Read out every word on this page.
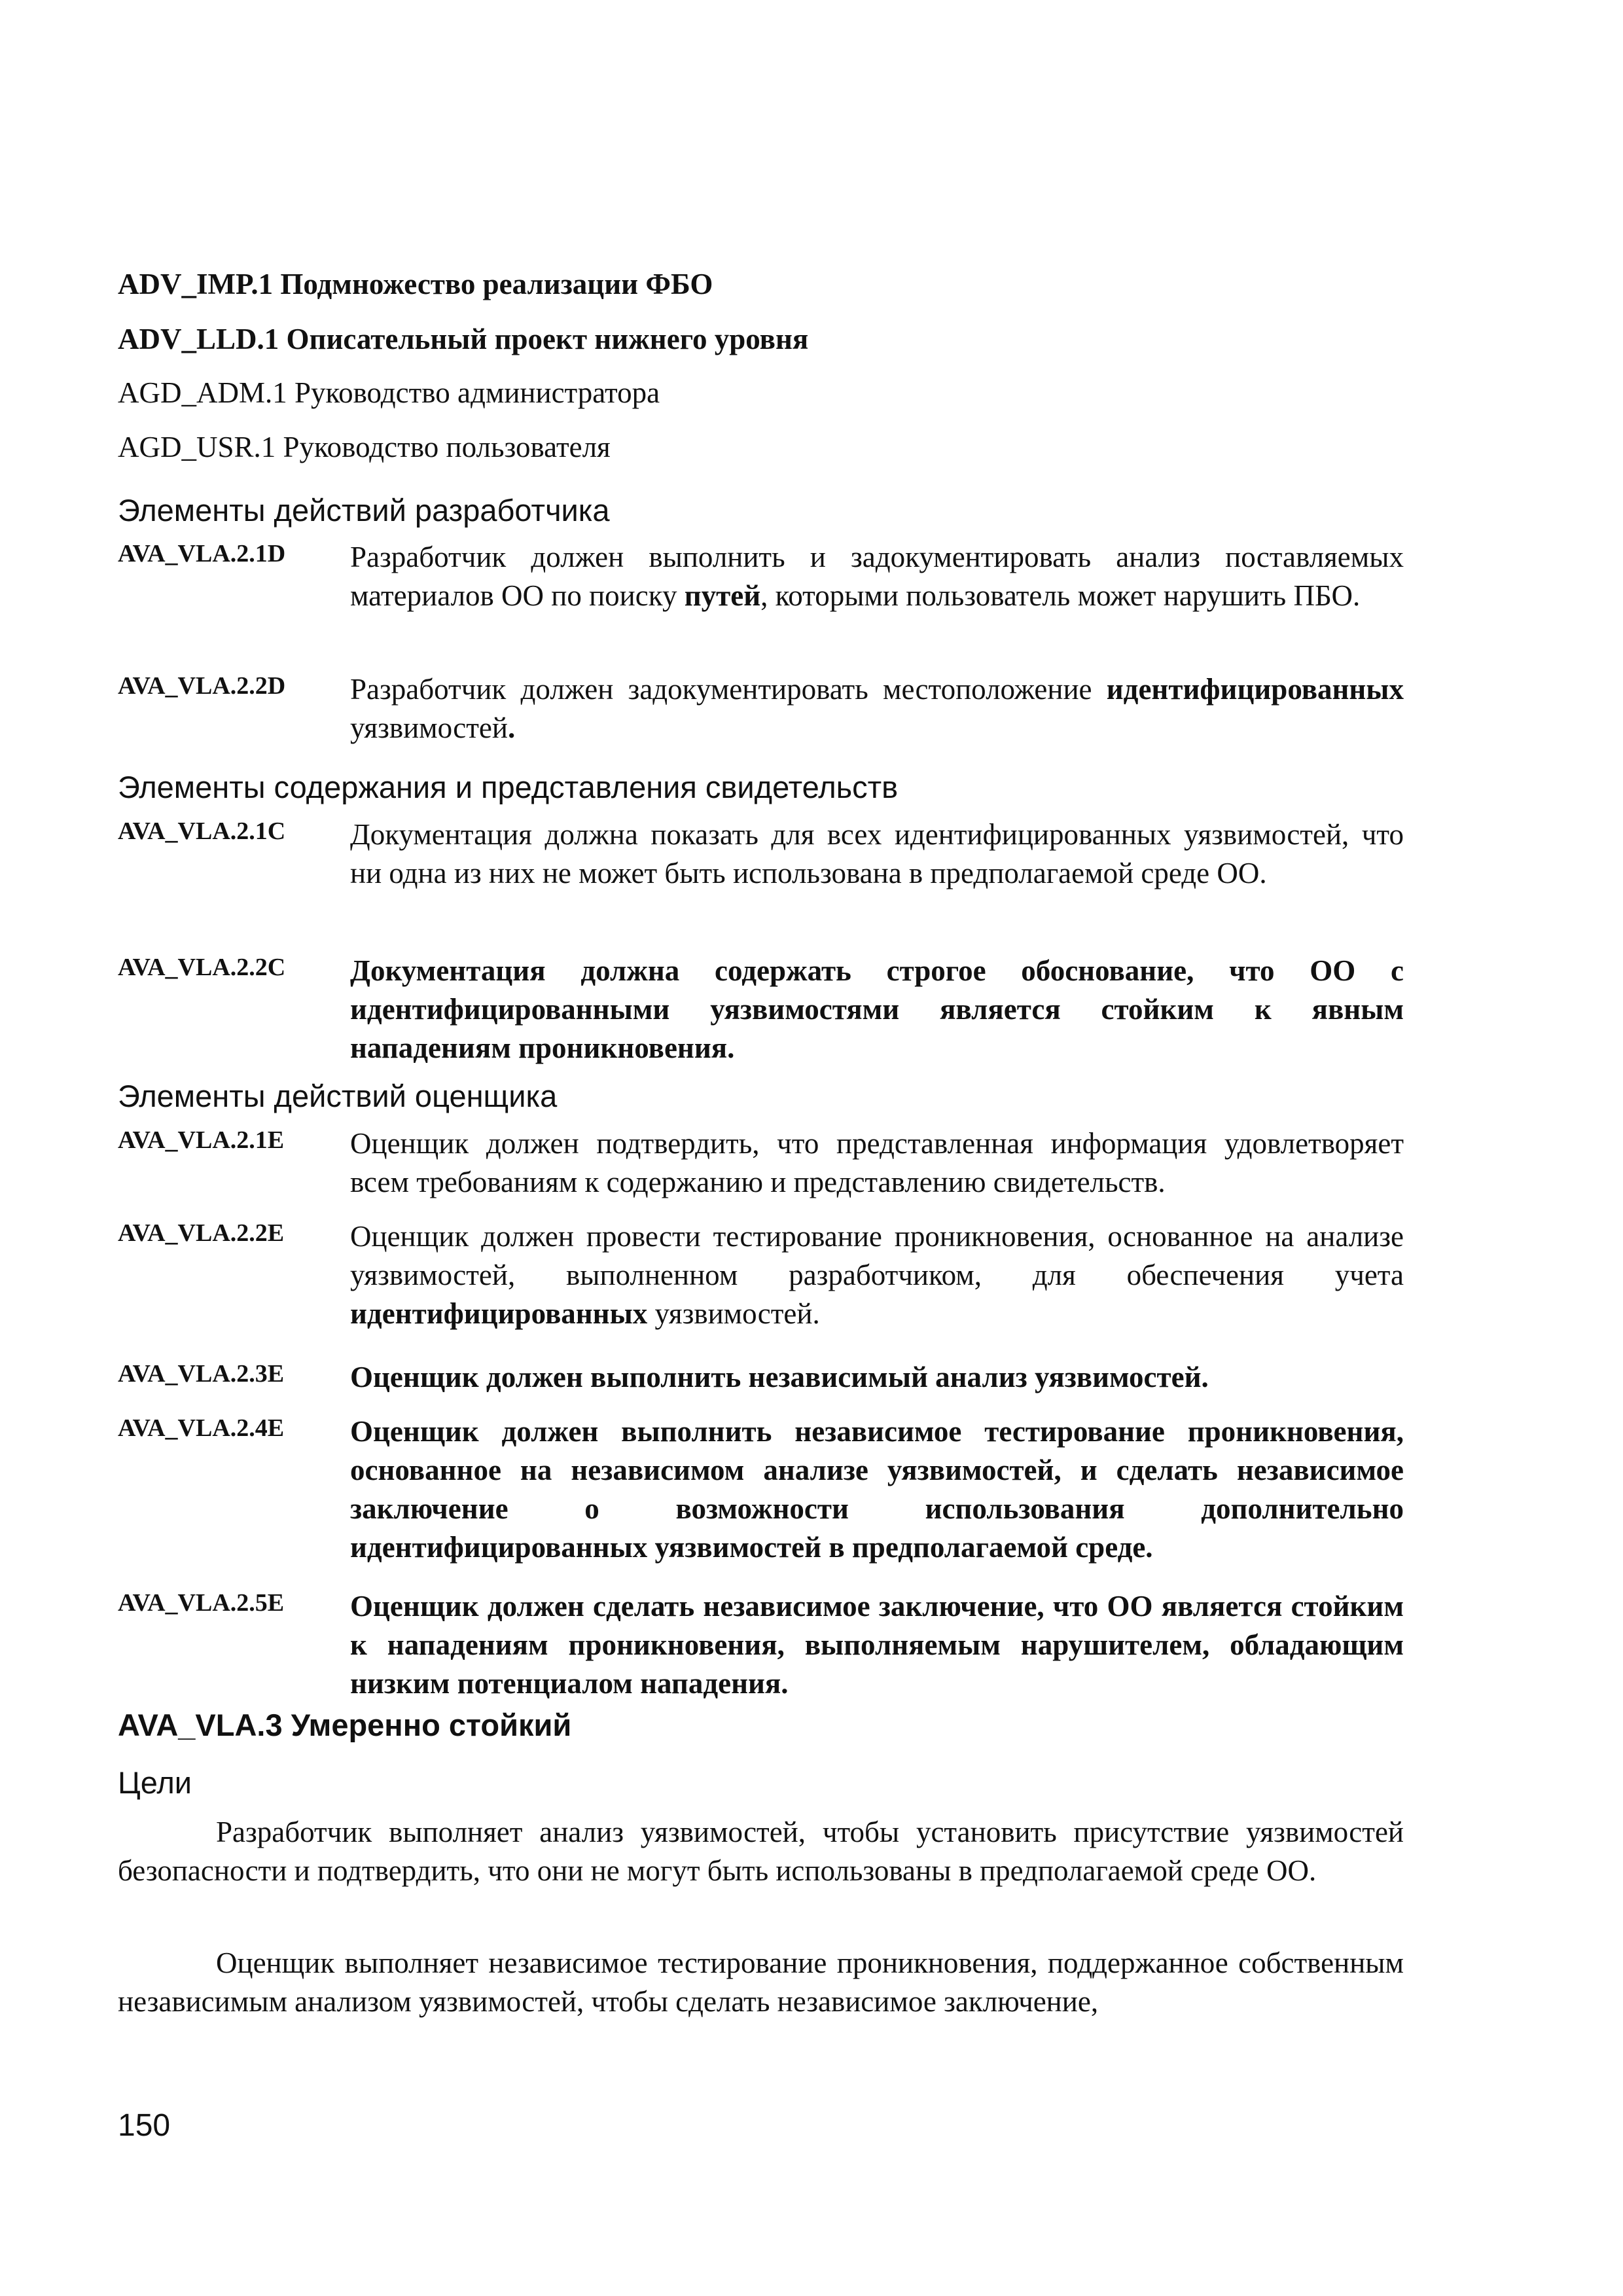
ADV_IMP.1 Подмножество реализации ФБО
ADV_LLD.1 Описательный проект нижнего уровня
AGD_ADM.1 Руководство администратора
AGD_USR.1 Руководство пользователя
Элементы действий разработчика
AVA_VLA.2.1D Разработчик должен выполнить и задокументировать анализ поставляемых материалов ОО по поиску путей, которыми пользователь может нарушить ПБО.
AVA_VLA.2.2D Разработчик должен задокументировать местоположение идентифицированных уязвимостей.
Элементы содержания и представления свидетельств
AVA_VLA.2.1C Документация должна показать для всех идентифицированных уязвимостей, что ни одна из них не может быть использована в предполагаемой среде ОО.
AVA_VLA.2.2C Документация должна содержать строгое обоснование, что ОО с идентифицированными уязвимостями является стойким к явным нападениям проникновения.
Элементы действий оценщика
AVA_VLA.2.1E Оценщик должен подтвердить, что представленная информация удовлетворяет всем требованиям к содержанию и представлению свидетельств.
AVA_VLA.2.2E Оценщик должен провести тестирование проникновения, основанное на анализе уязвимостей, выполненном разработчиком, для обеспечения учета идентифицированных уязвимостей.
AVA_VLA.2.3E Оценщик должен выполнить независимый анализ уязвимостей.
AVA_VLA.2.4E Оценщик должен выполнить независимое тестирование проникновения, основанное на независимом анализе уязвимостей, и сделать независимое заключение о возможности использования дополнительно идентифицированных уязвимостей в предполагаемой среде.
AVA_VLA.2.5E Оценщик должен сделать независимое заключение, что ОО является стойким к нападениям проникновения, выполняемым нарушителем, обладающим низким потенциалом нападения.
AVA_VLA.3 Умеренно стойкий
Цели
Разработчик выполняет анализ уязвимостей, чтобы установить присутствие уязвимостей безопасности и подтвердить, что они не могут быть использованы в предполагаемой среде ОО.
Оценщик выполняет независимое тестирование проникновения, поддержанное собственным независимым анализом уязвимостей, чтобы сделать независимое заключение,
150
